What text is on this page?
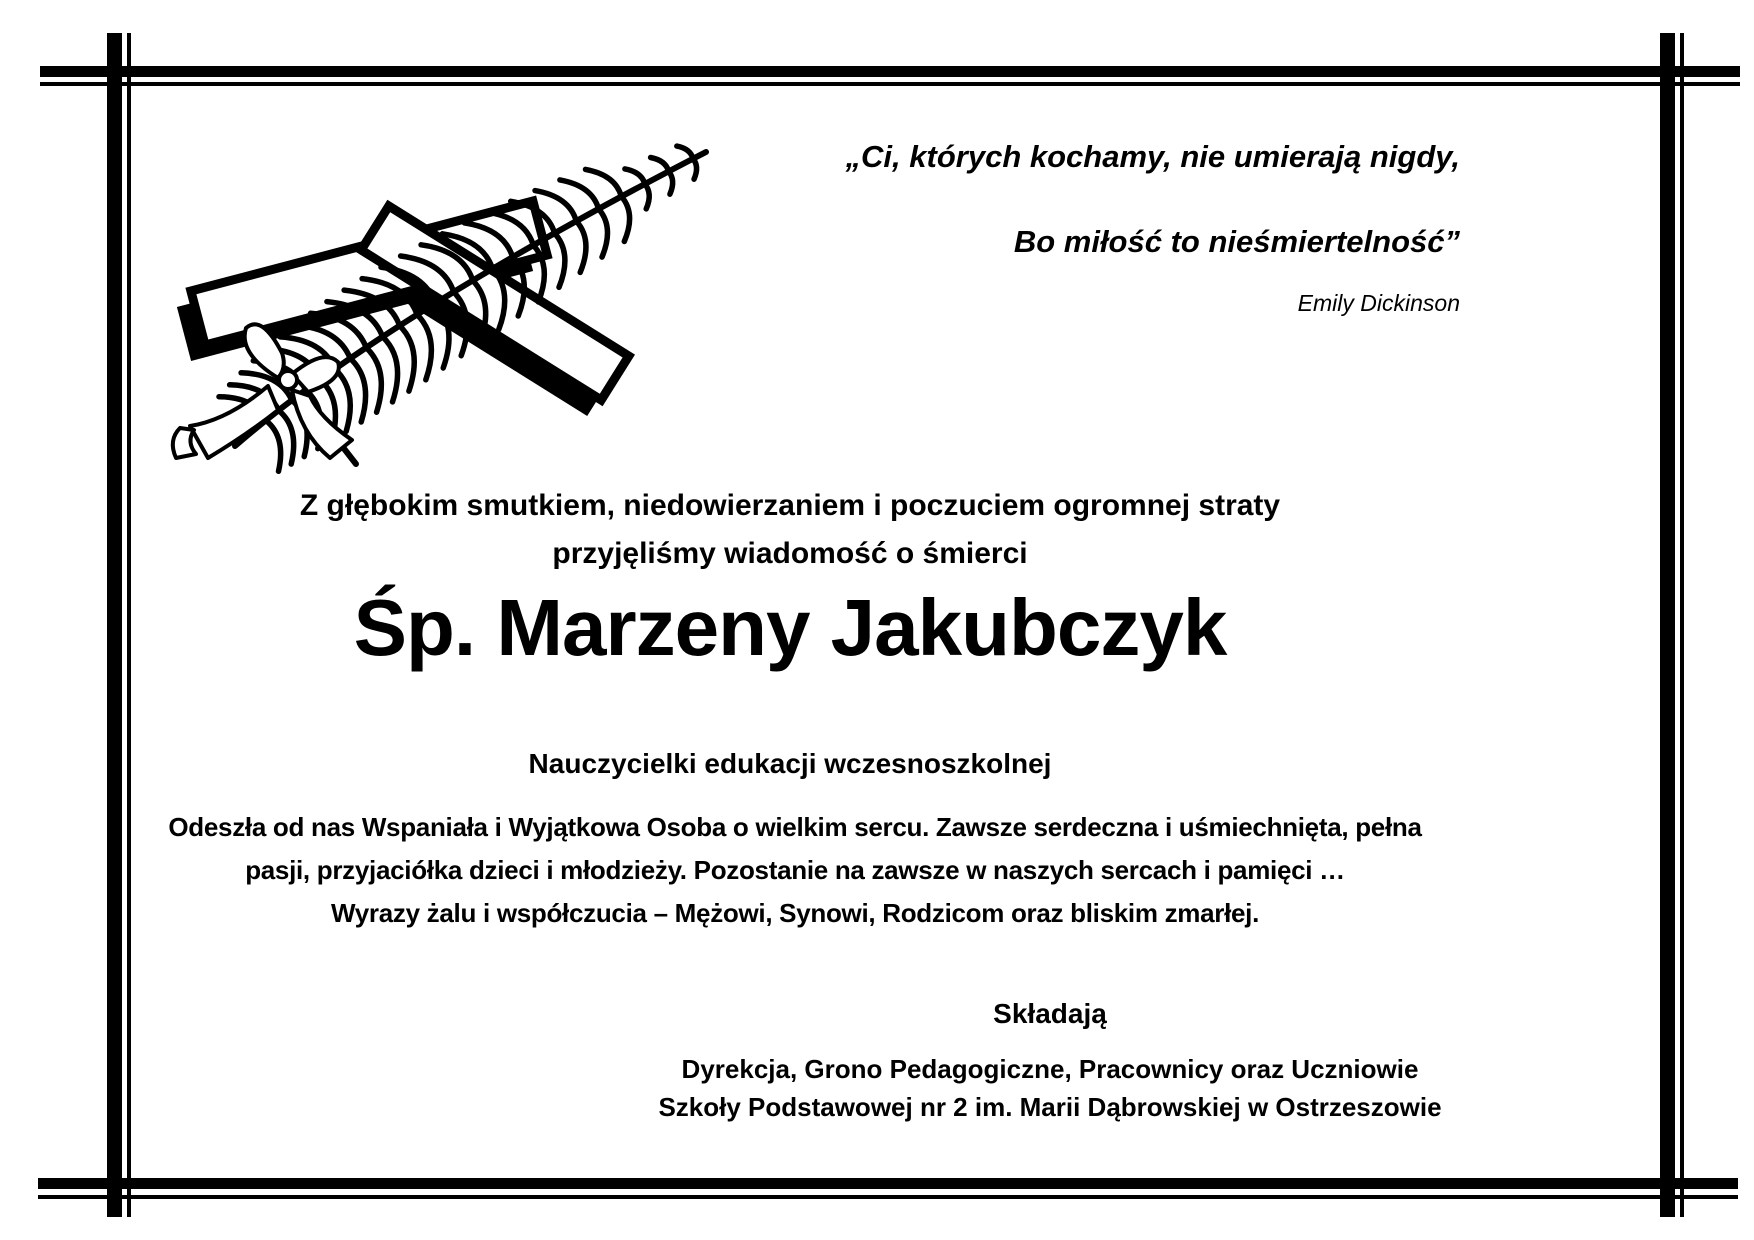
„Ci, których kochamy, nie umierają nigdy,
Bo miłość to nieśmiertelność”
Emily Dickinson
Z głębokim smutkiem, niedowierzaniem i poczuciem ogromnej straty
przyjęliśmy wiadomość o śmierci
Śp. Marzeny Jakubczyk
Nauczycielki edukacji wczesnoszkolnej
Odeszła od nas Wspaniała i Wyjątkowa Osoba o wielkim sercu. Zawsze serdeczna i uśmiechnięta, pełna
pasji, przyjaciółka dzieci i młodzieży. Pozostanie na zawsze w naszych sercach i pamięci …
Wyrazy żalu i współczucia – Mężowi, Synowi, Rodzicom oraz bliskim zmarłej.
Składają
Dyrekcja, Grono Pedagogiczne, Pracownicy oraz Uczniowie
Szkoły Podstawowej nr 2 im. Marii Dąbrowskiej w Ostrzeszowie
